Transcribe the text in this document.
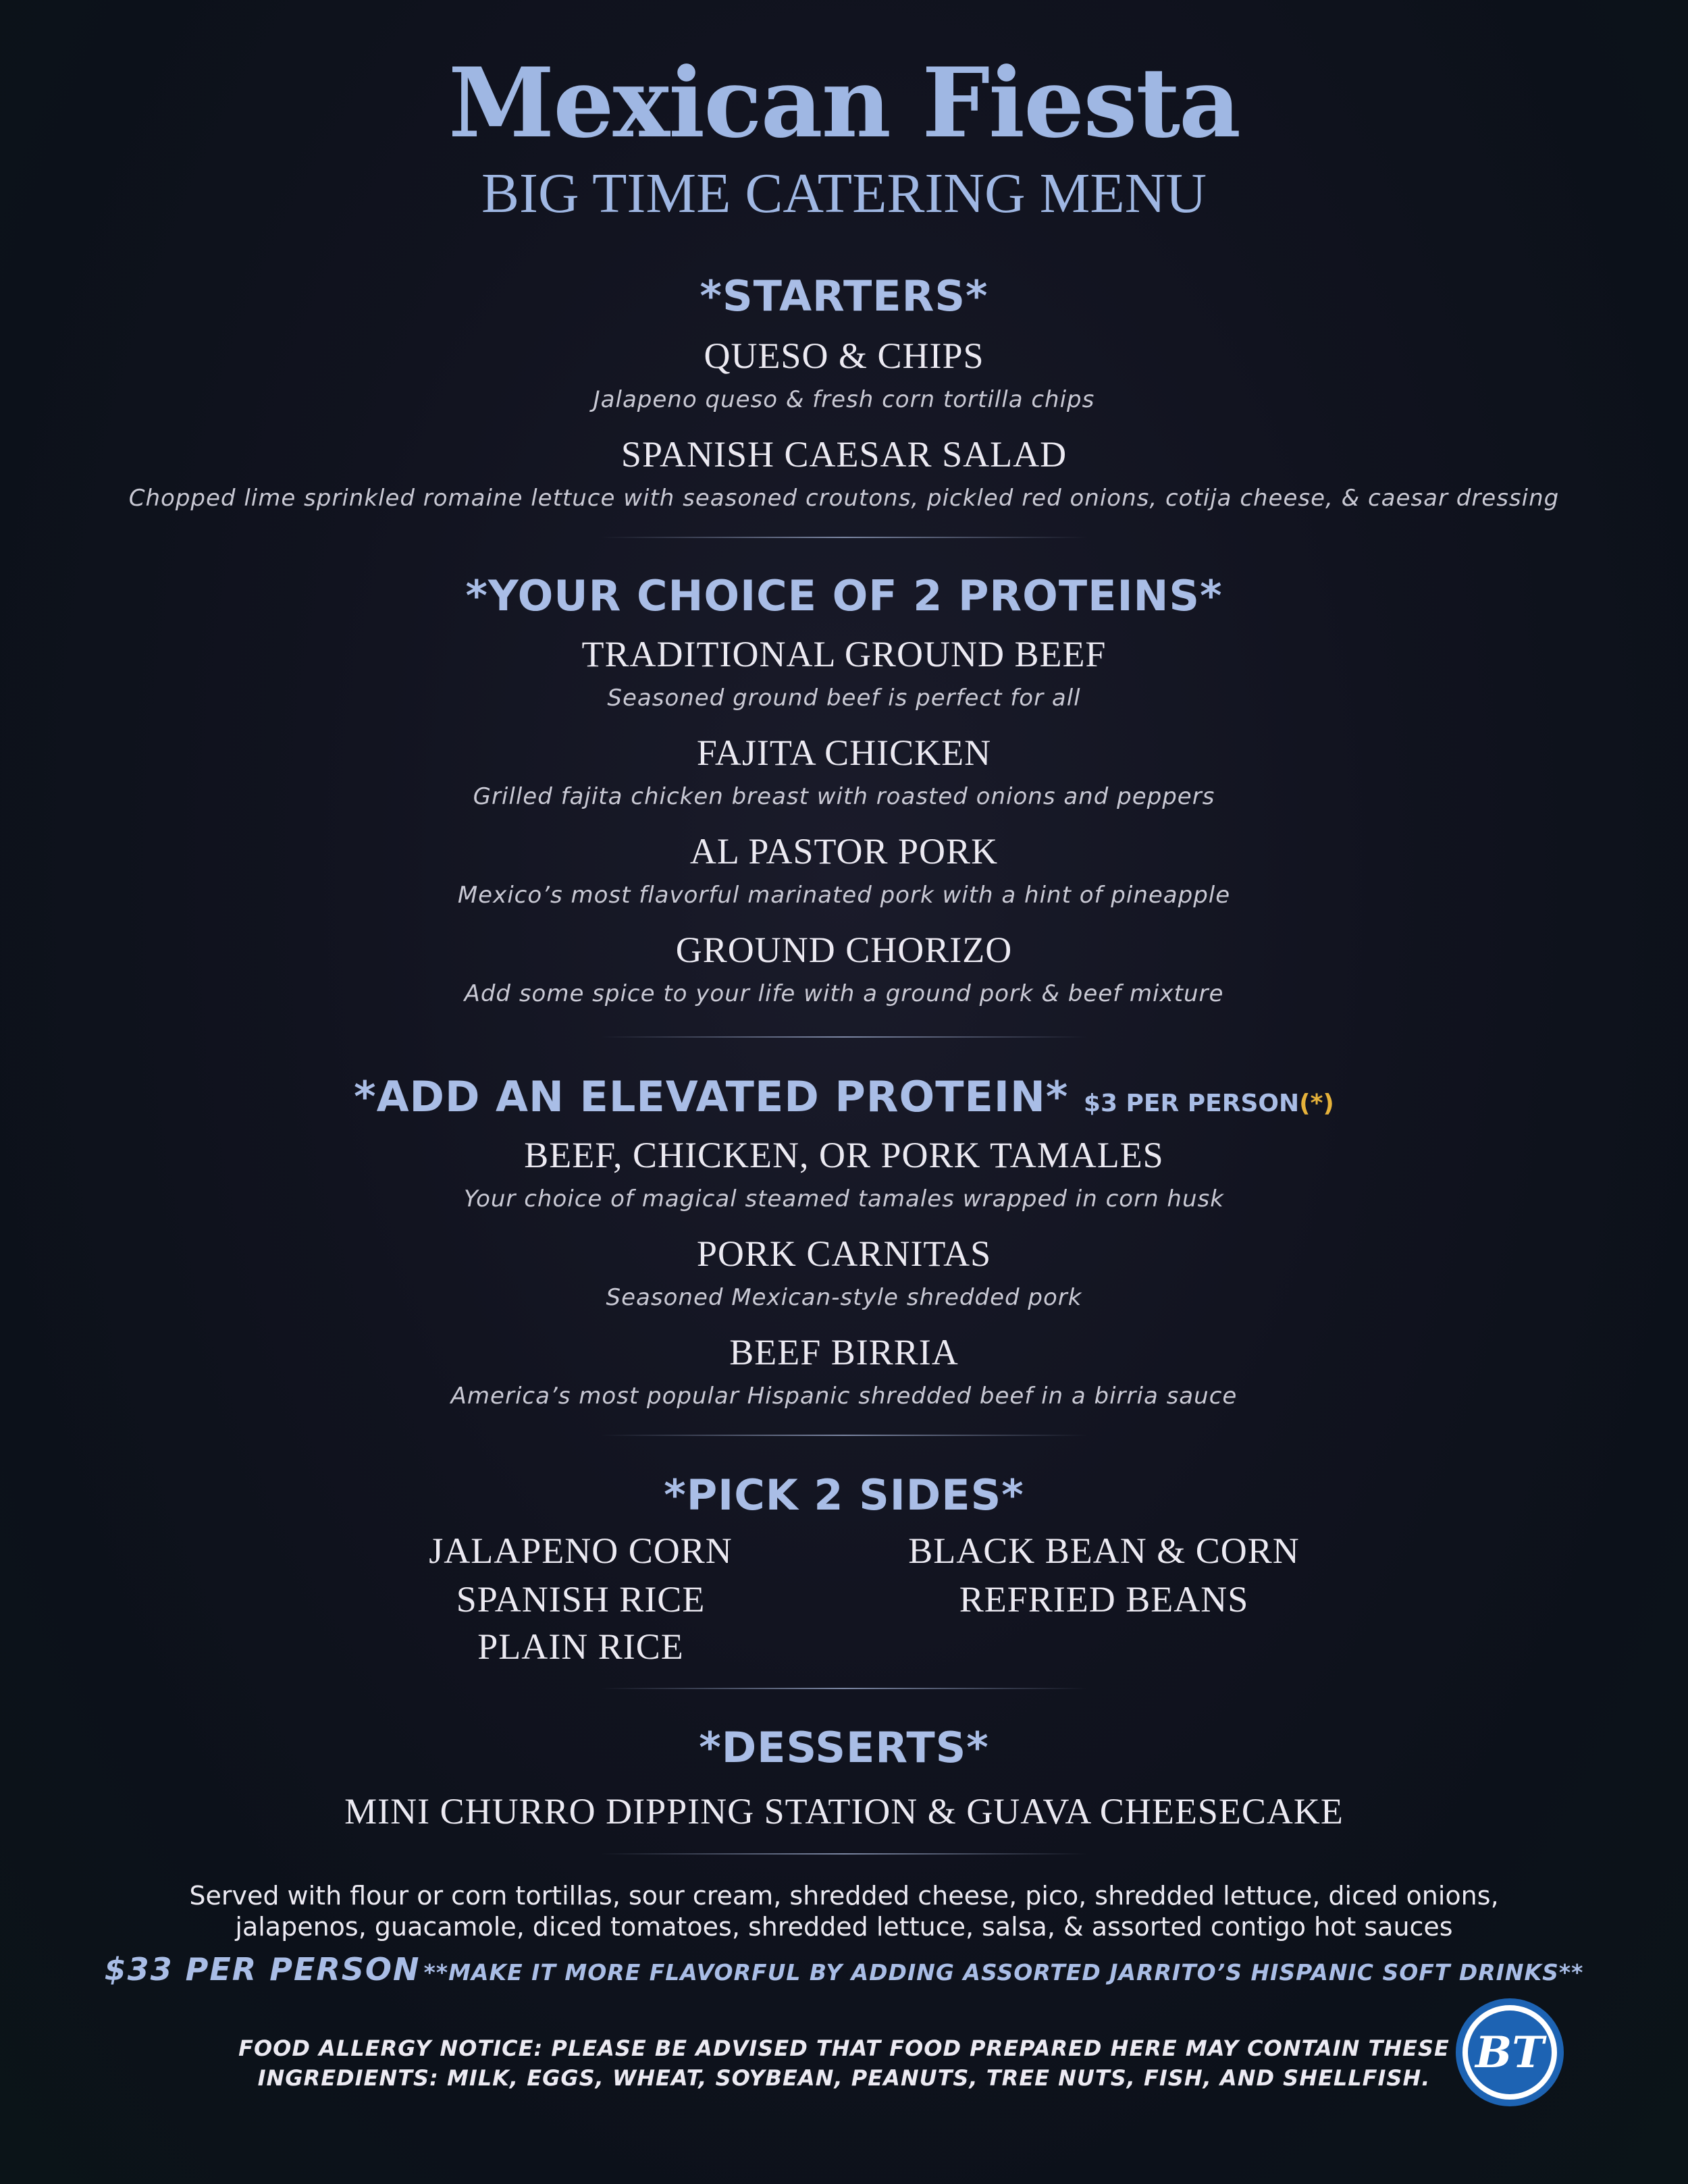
Mexican Fiesta
BIG TIME CATERING MENU
*STARTERS*
QUESO & CHIPS
Jalapeno queso & fresh corn tortilla chips
SPANISH CAESAR SALAD
Chopped lime sprinkled romaine lettuce with seasoned croutons, pickled red onions, cotija cheese, & caesar dressing
*YOUR CHOICE OF 2 PROTEINS*
TRADITIONAL GROUND BEEF
Seasoned ground beef is perfect for all
FAJITA CHICKEN
Grilled fajita chicken breast with roasted onions and peppers
AL PASTOR PORK
Mexico’s most flavorful marinated pork with a hint of pineapple
GROUND CHORIZO
Add some spice to your life with a ground pork & beef mixture
*ADD AN ELEVATED PROTEIN* $3 PER PERSON(*)
BEEF, CHICKEN, OR PORK TAMALES
Your choice of magical steamed tamales wrapped in corn husk
PORK CARNITAS
Seasoned Mexican-style shredded pork
BEEF BIRRIA
America’s most popular Hispanic shredded beef in a birria sauce
*PICK 2 SIDES*
JALAPENO CORN
SPANISH RICE
PLAIN RICE
BLACK BEAN & CORN
REFRIED BEANS
*DESSERTS*
MINI CHURRO DIPPING STATION & GUAVA CHEESECAKE
Served with flour or corn tortillas, sour cream, shredded cheese, pico, shredded lettuce, diced onions,
jalapenos, guacamole, diced tomatoes, shredded lettuce, salsa, & assorted contigo hot sauces
$33 PER PERSON **MAKE IT MORE FLAVORFUL BY ADDING ASSORTED JARRITO’S HISPANIC SOFT DRINKS**
FOOD ALLERGY NOTICE: PLEASE BE ADVISED THAT FOOD PREPARED HERE MAY CONTAIN THESE
INGREDIENTS: MILK, EGGS, WHEAT, SOYBEAN, PEANUTS, TREE NUTS, FISH, AND SHELLFISH.
BT
